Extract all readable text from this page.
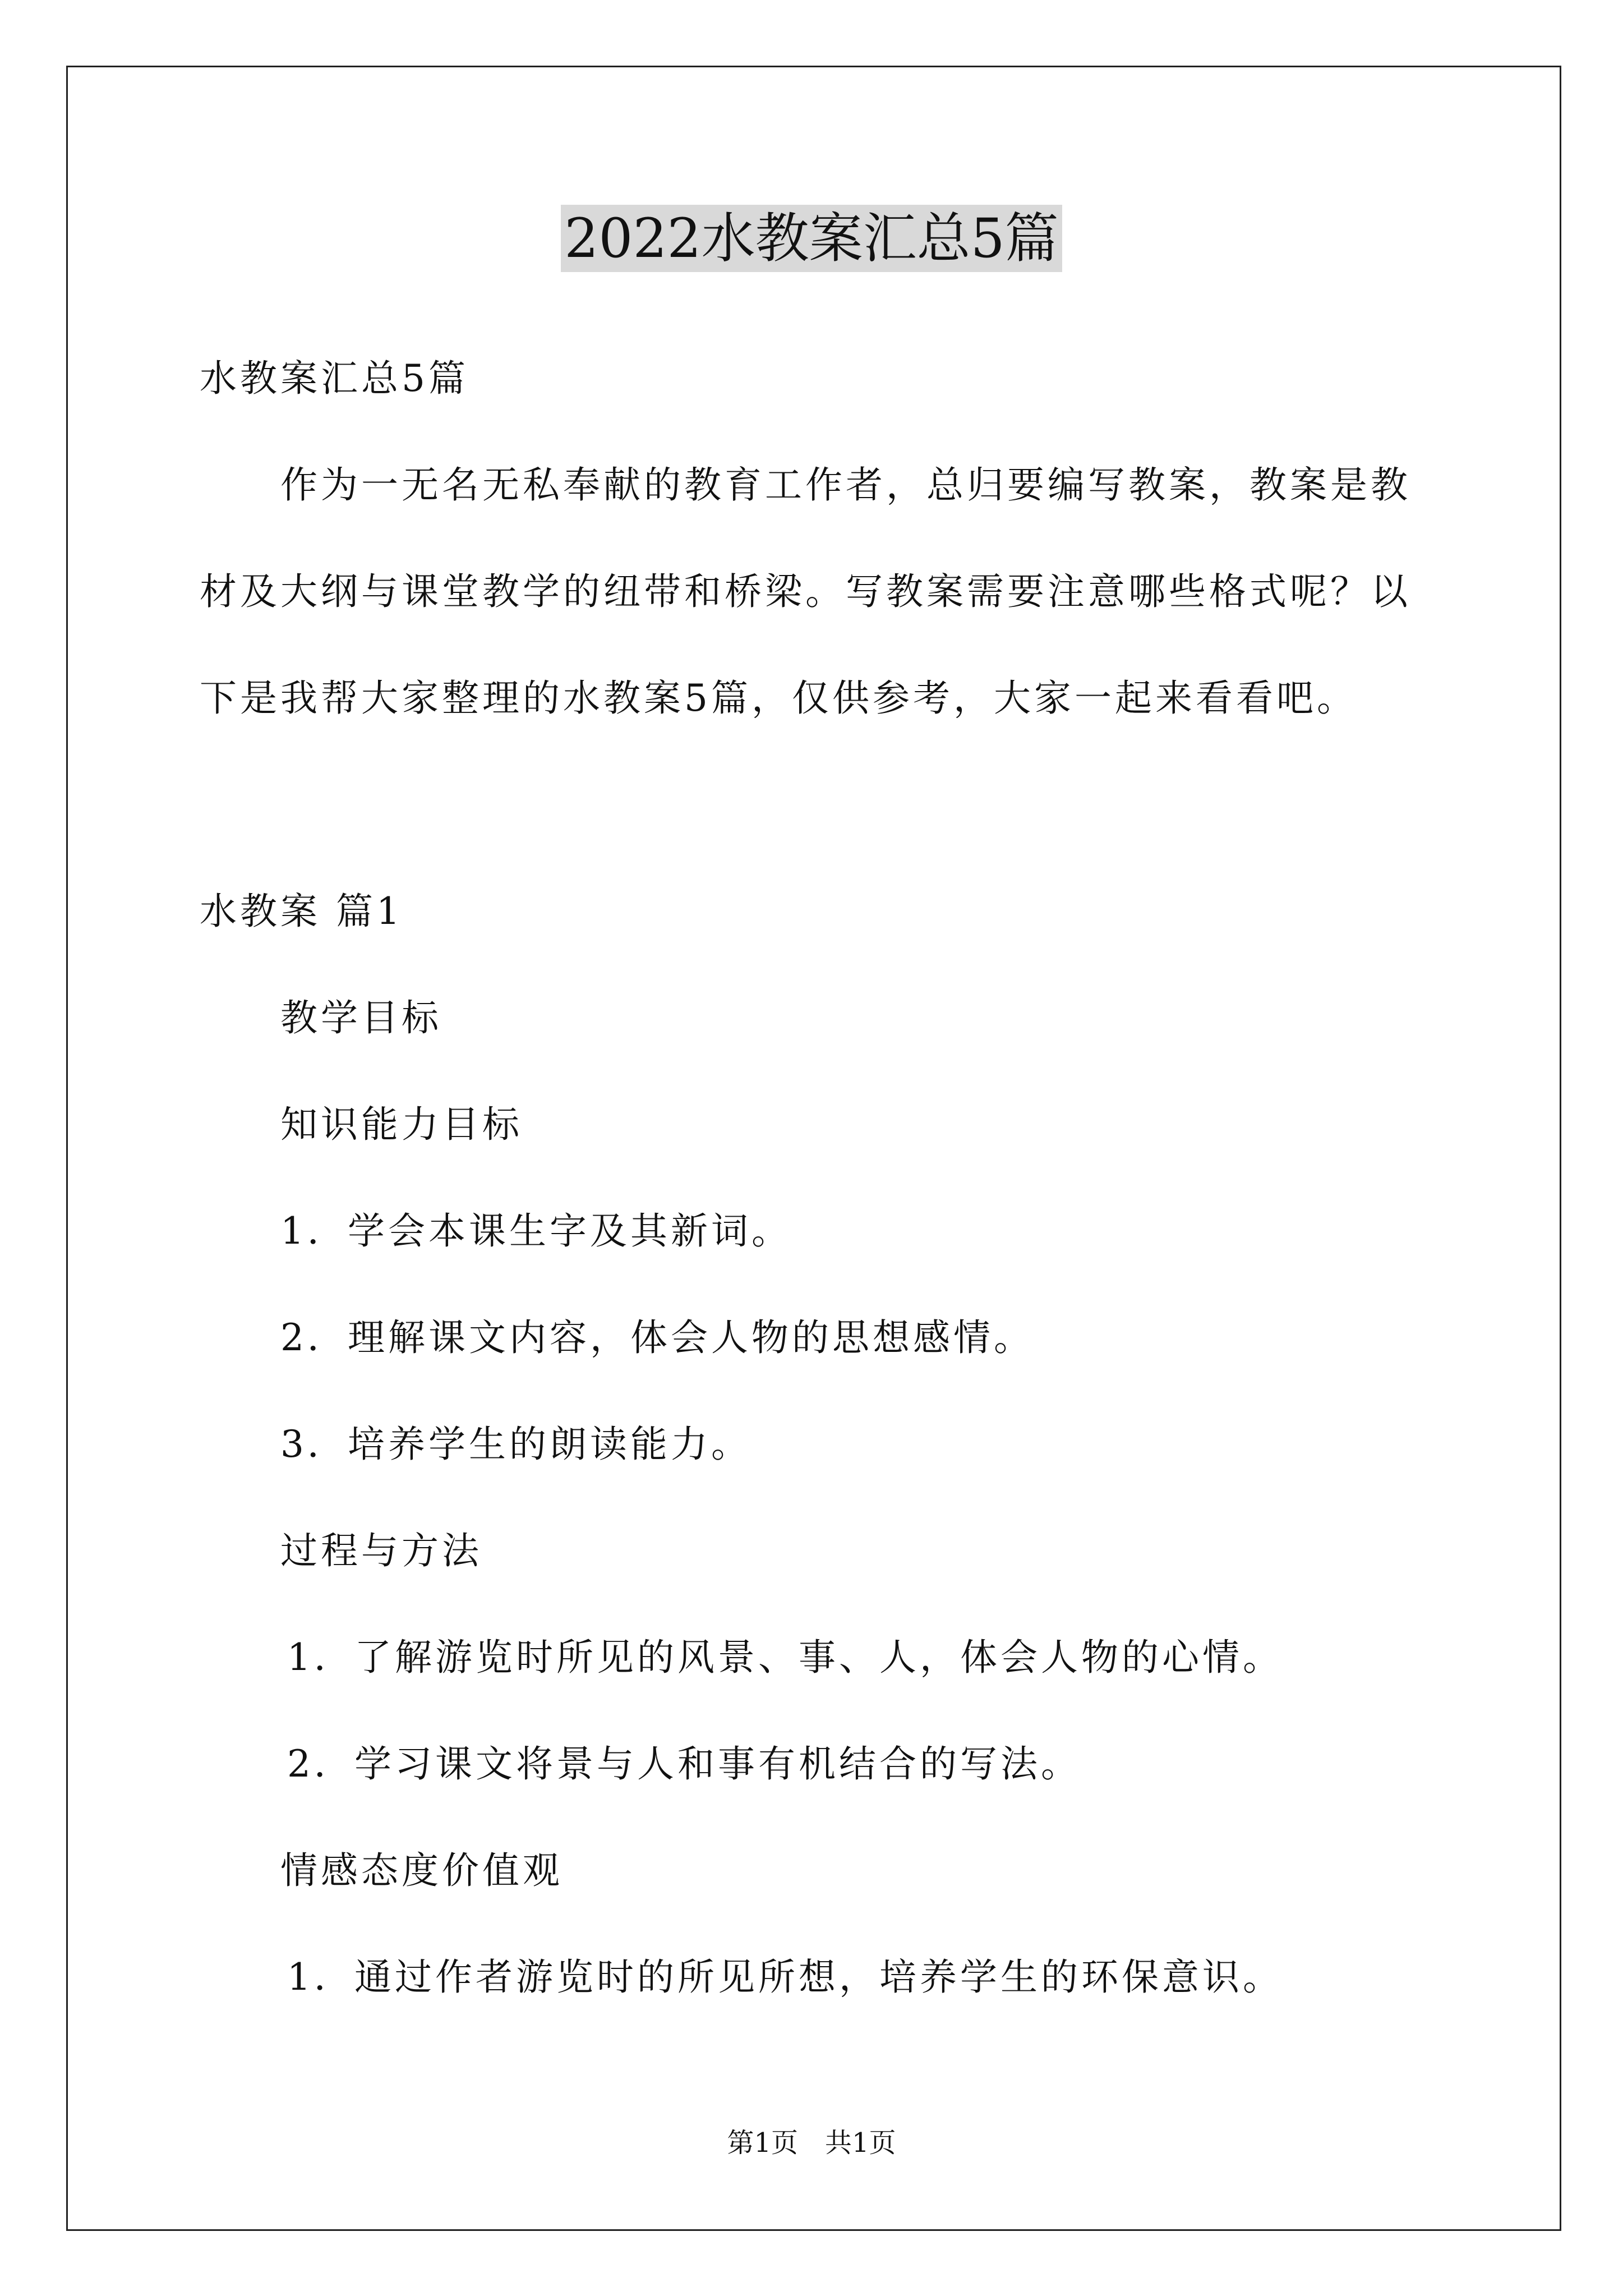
2022水教案汇总5篇
水教案汇总5篇
作为一无名无私奉献的教育工作者，总归要编写教案，教案是教
材及大纲与课堂教学的纽带和桥梁。写教案需要注意哪些格式呢？以
下是我帮大家整理的水教案5篇，仅供参考，大家一起来看看吧。
水教案 篇1
教学目标
知识能力目标
1．学会本课生字及其新词。
2．理解课文内容，体会人物的思想感情。
3．培养学生的朗读能力。
过程与方法
1．了解游览时所见的风景、事、人，体会人物的心情。
2．学习课文将景与人和事有机结合的写法。
情感态度价值观
1．通过作者游览时的所见所想，培养学生的环保意识。
第1页　共1页
